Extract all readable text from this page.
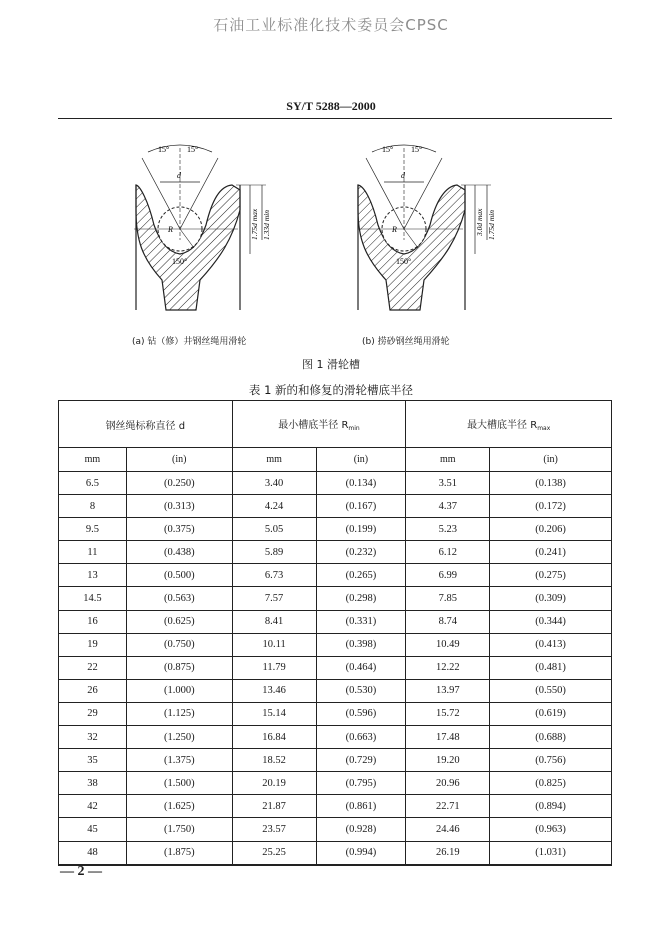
石油工业标准化技术委员会CPSC
SY/T 5288—2000
15° 15°
d
R
150°
1.75d max 1.33d min
15° 15°
d
R
150°
3.0d max 1.75d min
(a) 钻（修）井钢丝绳用滑轮	(b) 捞砂钢丝绳用滑轮
图 1 滑轮槽
表 1 新的和修复的滑轮槽底半径
钢丝绳标称直径 d		最小槽底半径 $R_{min}$		最大槽底半径 $R_{max}$
mm	(in)	mm	(in)	mm	(in)
6.5	(0.250)	3.40	(0.134)	3.51	(0.138)
8	(0.313)	4.24	(0.167)	4.37	(0.172)
9.5	(0.375)	5.05	(0.199)	5.23	(0.206)
11	(0.438)	5.89	(0.232)	6.12	(0.241)
13	(0.500)	6.73	(0.265)	6.99	(0.275)
14.5	(0.563)	7.57	(0.298)	7.85	(0.309)
16	(0.625)	8.41	(0.331)	8.74	(0.344)
19	(0.750)	10.11	(0.398)	10.49	(0.413)
22	(0.875)	11.79	(0.464)	12.22	(0.481)
26	(1.000)	13.46	(0.530)	13.97	(0.550)
29	(1.125)	15.14	(0.596)	15.72	(0.619)
32	(1.250)	16.84	(0.663)	17.48	(0.688)
35	(1.375)	18.52	(0.729)	19.20	(0.756)
38	(1.500)	20.19	(0.795)	20.96	(0.825)
42	(1.625)	21.87	(0.861)	22.71	(0.894)
45	(1.750)	23.57	(0.928)	24.46	(0.963)
48	(1.875)	25.25	(0.994)	26.19	(1.031)
— 2 —
